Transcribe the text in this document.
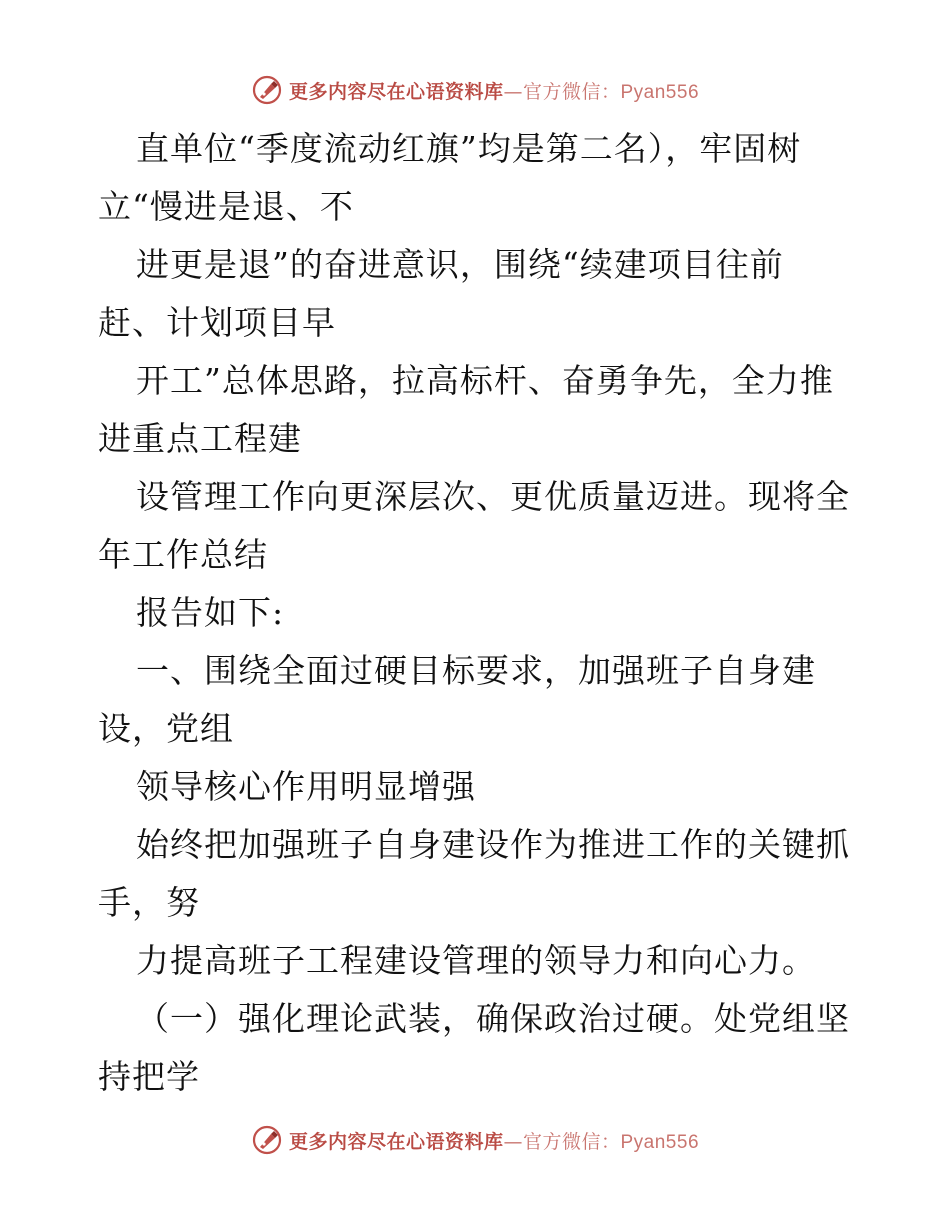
更多内容尽在心语资料库—官方微信：Pyan556
直单位“季度流动红旗”均是第二名），牢固树
立“慢进是退、不
进更是退”的奋进意识，围绕“续建项目往前
赶、计划项目早
开工”总体思路，拉高标杆、奋勇争先，全力推
进重点工程建
设管理工作向更深层次、更优质量迈进。现将全
年工作总结
报告如下:
一、围绕全面过硬目标要求，加强班子自身建
设，党组
领导核心作用明显增强
始终把加强班子自身建设作为推进工作的关键抓
手，努
力提高班子工程建设管理的领导力和向心力。
（一）强化理论武装，确保政治过硬。处党组坚
持把学
更多内容尽在心语资料库—官方微信：Pyan556
